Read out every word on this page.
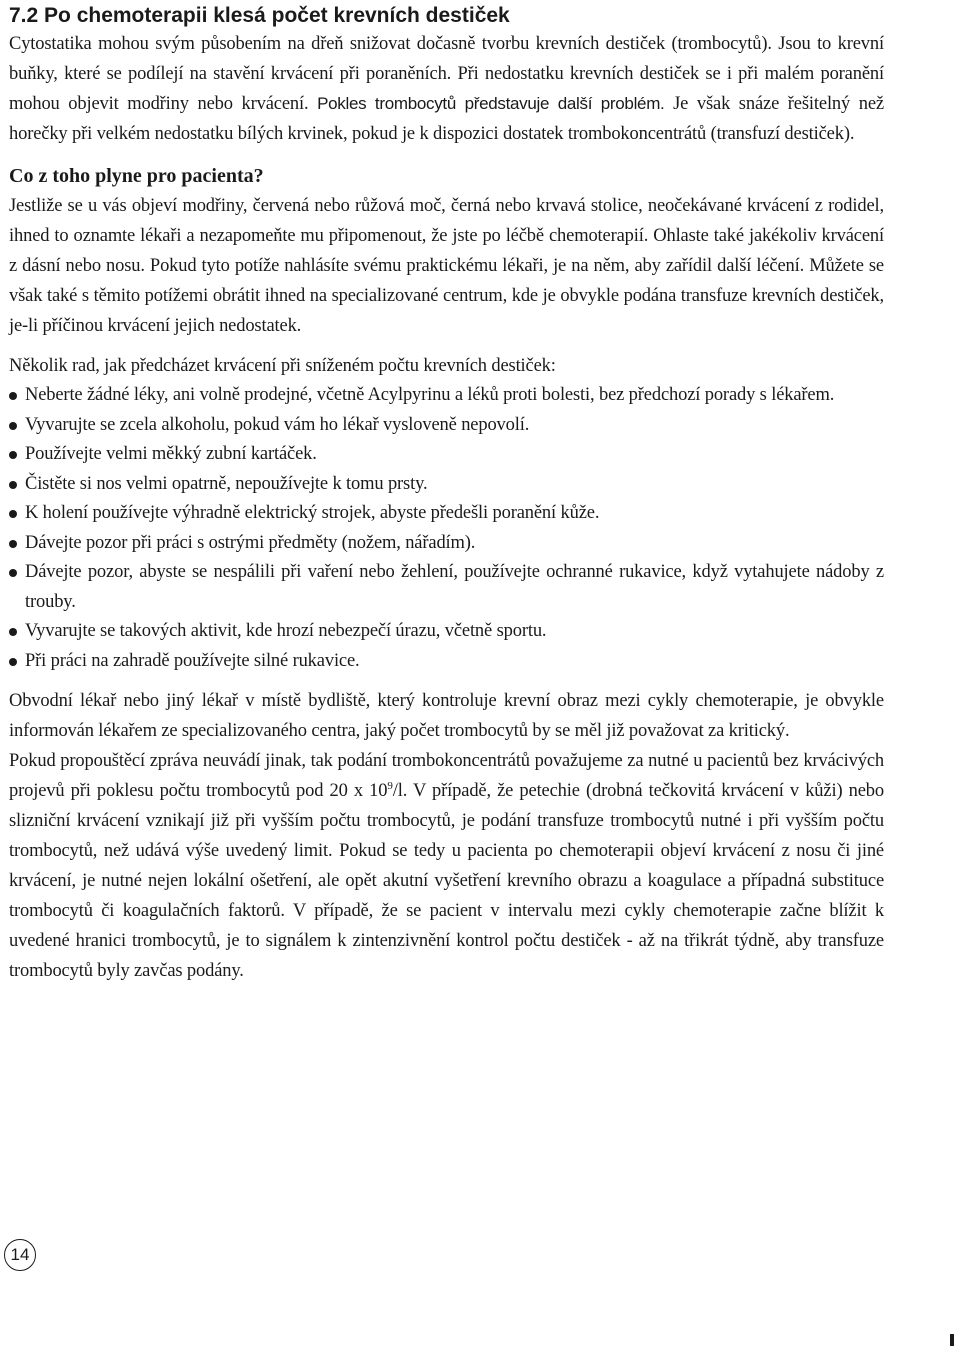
7.2 Po chemoterapii klesá počet krevních destiček

Cytostatika mohou svým působením na dřeň snižovat dočasně tvorbu krevních destiček (trombocytů). Jsou to krevní buňky, které se podílejí na stavění krvácení při poraněních. Při nedostatku krevních destiček se i při malém poranění mohou objevit modřiny nebo krvácení. Pokles trombocytů představuje další problém. Je však snáze řešitelný než horečky při velkém nedostatku bílých krvinek, pokud je k dispozici dostatek trombokoncentrátů (transfuzí destiček).

Co z toho plyne pro pacienta?

Jestliže se u vás objeví modřiny, červená nebo růžová moč, černá nebo krvavá stolice, neočekávané krvácení z rodidel, ihned to oznamte lékaři a nezapomeňte mu připomenout, že jste po léčbě chemoterapií. Ohlaste také jakékoliv krvácení z dásní nebo nosu. Pokud tyto potíže nahlásíte svému praktickému lékaři, je na něm, aby zařídil další léčení. Můžete se však také s těmito potížemi obrátit ihned na specializované centrum, kde je obvykle podána transfuze krevních destiček, je-li příčinou krvácení jejich nedostatek.

Několik rad, jak předcházet krvácení při sníženém počtu krevních destiček:

Neberte žádné léky, ani volně prodejné, včetně Acylpyrinu a léků proti bolesti, bez předchozí porady s lékařem.
Vyvarujte se zcela alkoholu, pokud vám ho lékař vysloveně nepovolí.
Používejte velmi měkký zubní kartáček.
Čistěte si nos velmi opatrně, nepoužívejte k tomu prsty.
K holení používejte výhradně elektrický strojek, abyste předešli poranění kůže.
Dávejte pozor při práci s ostrými předměty (nožem, nářadím).
Dávejte pozor, abyste se nespálili při vaření nebo žehlení, používejte ochranné rukavice, když vytahujete nádoby z trouby.
Vyvarujte se takových aktivit, kde hrozí nebezpečí úrazu, včetně sportu.
Při práci na zahradě používejte silné rukavice.

Obvodní lékař nebo jiný lékař v místě bydliště, který kontroluje krevní obraz mezi cykly chemoterapie, je obvykle informován lékařem ze specializovaného centra, jaký počet trombocytů by se měl již považovat za kritický.

Pokud propouštěcí zpráva neuvádí jinak, tak podání trombokoncentrátů považujeme za nutné u pacientů bez krvácivých projevů při poklesu počtu trombocytů pod 20 x $10^9/l$. V případě, že petechie (drobná tečkovitá krvácení v kůži) nebo slizniční krvácení vznikají již při vyšším počtu trombocytů, je podání transfuze trombocytů nutné i při vyšším počtu trombocytů, než udává výše uvedený limit. Pokud se tedy u pacienta po chemoterapii objeví krvácení z nosu či jiné krvácení, je nutné nejen lokální ošetření, ale opět akutní vyšetření krevního obrazu a koagulace a případná substituce trombocytů či koagulačních faktorů. V případě, že se pacient v intervalu mezi cykly chemoterapie začne blížit k uvedené hranici trombocytů, je to signálem k zintenzivnění kontrol počtu destiček - až na třikrát týdně, aby transfuze trombocytů byly zavčas podány.

14
